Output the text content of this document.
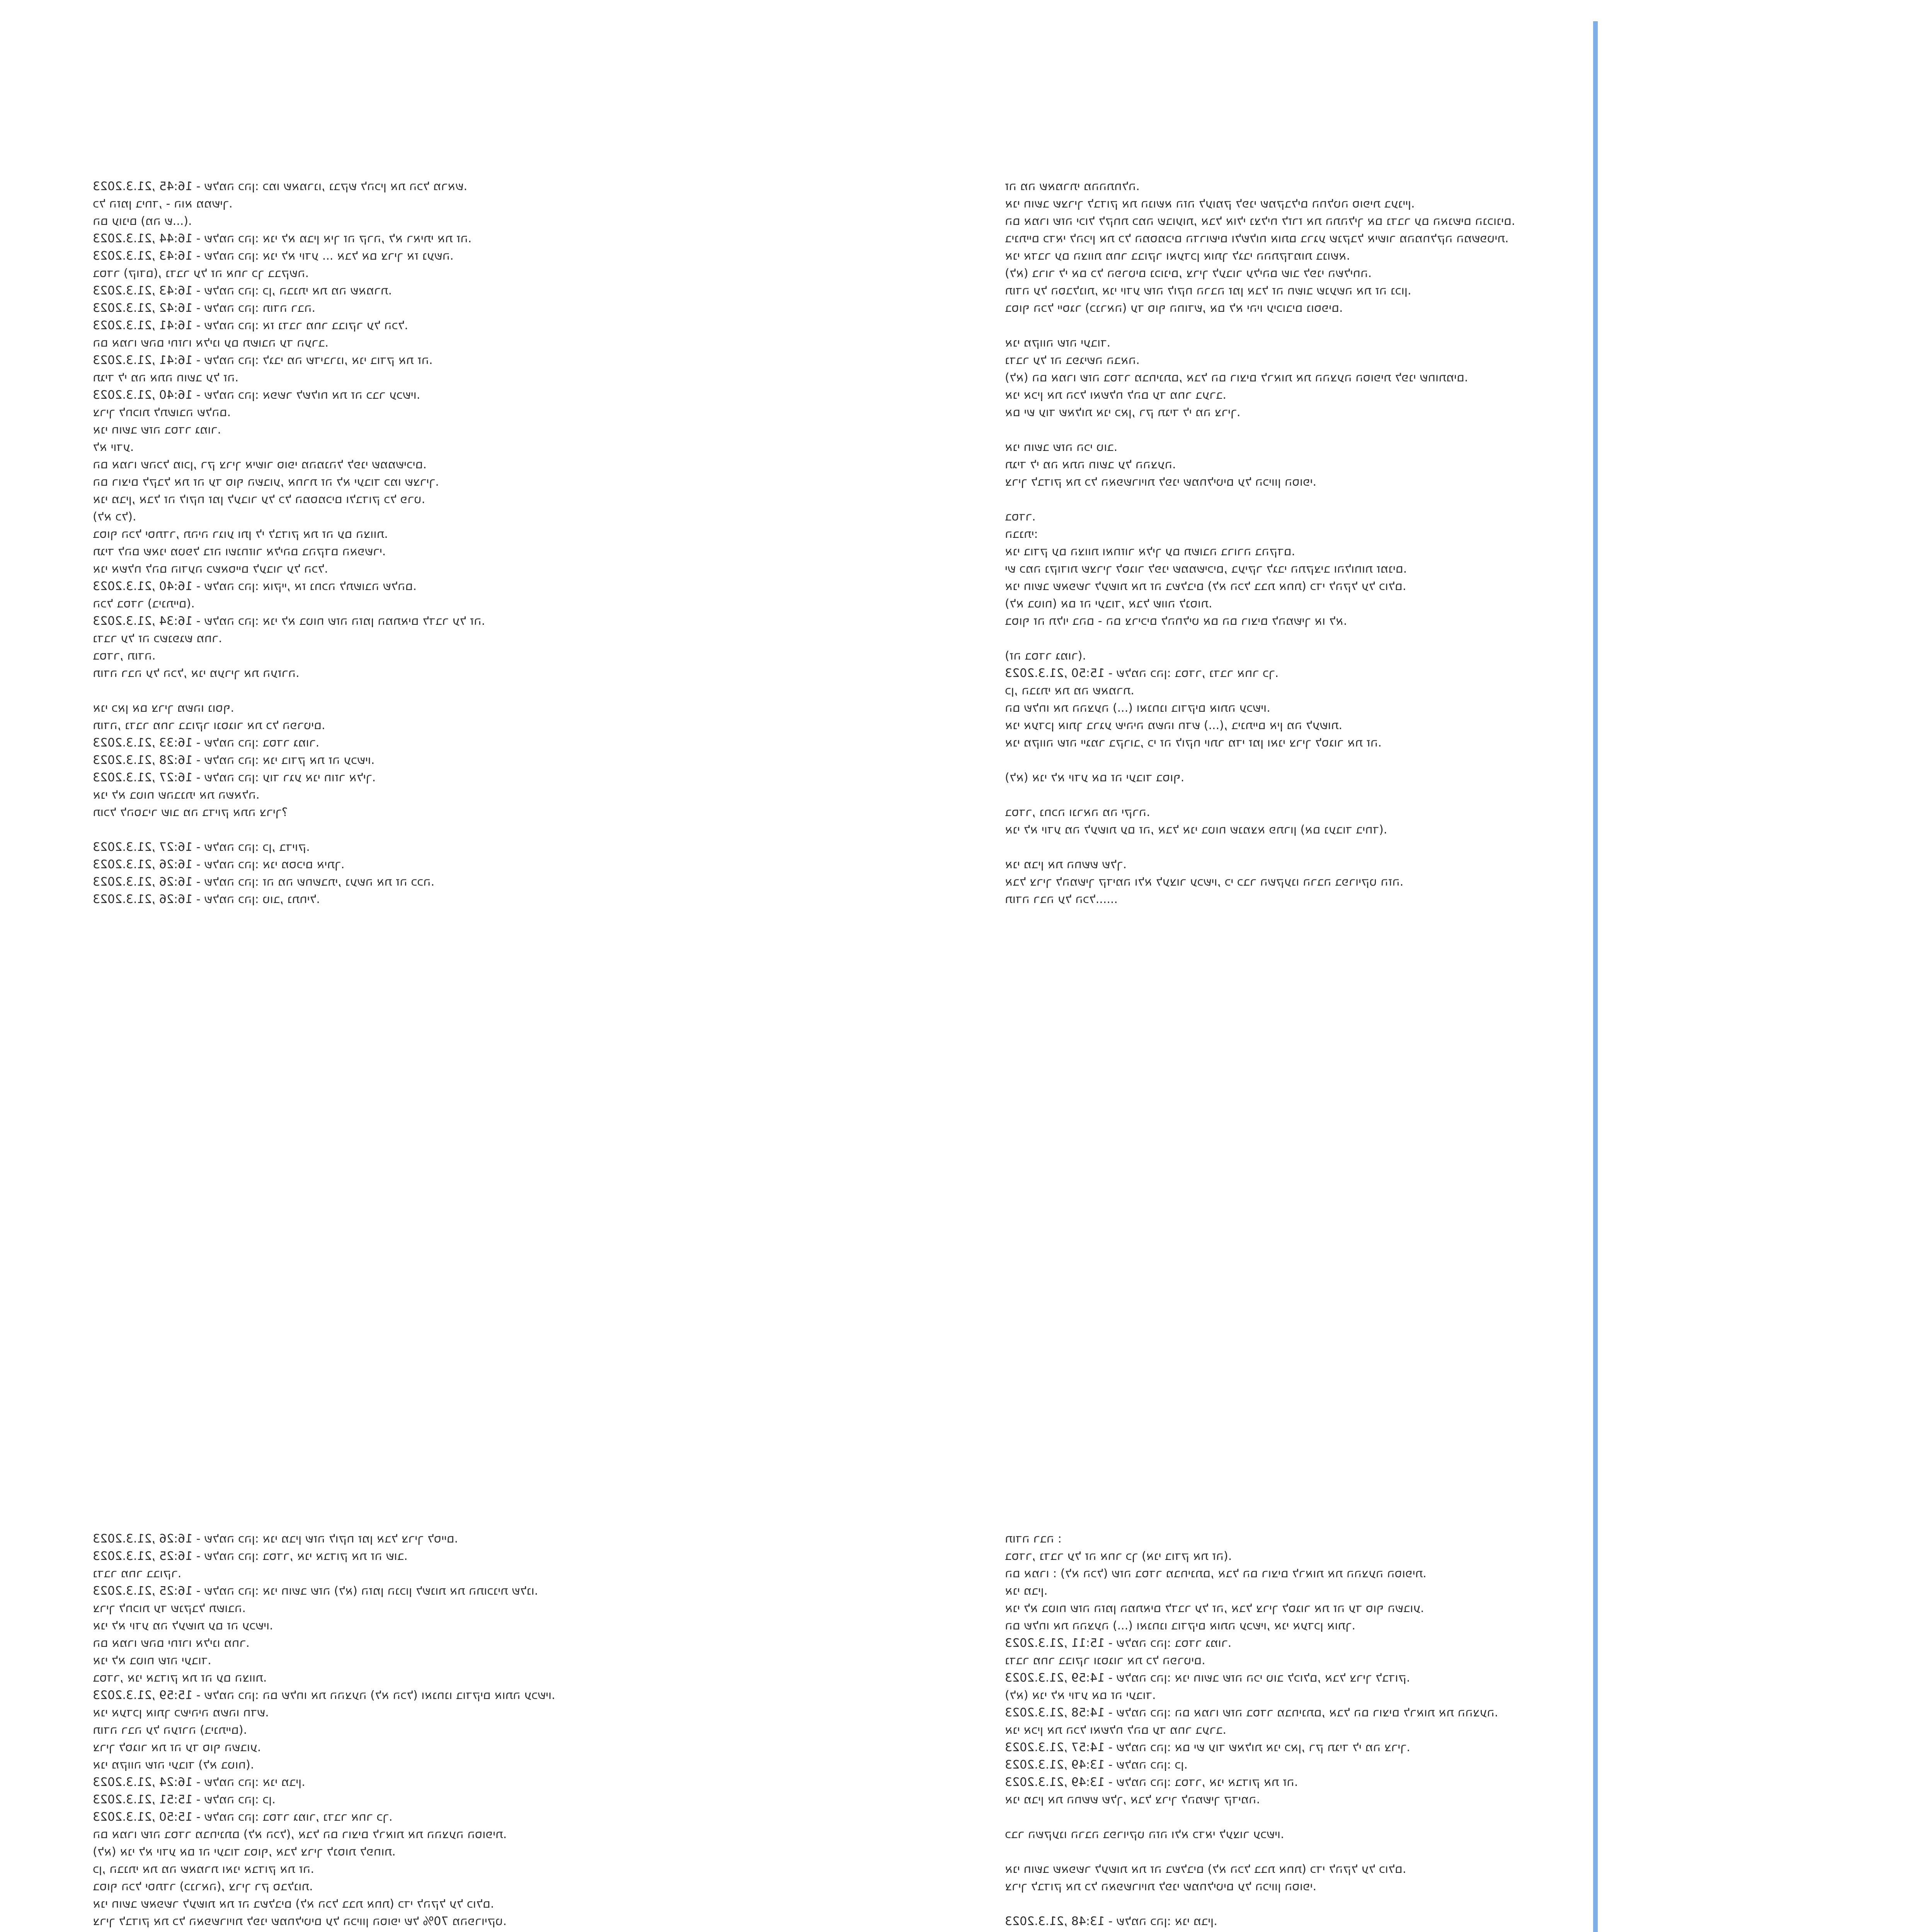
21.3.2023, 16:45 - שלמה כהן: כמו שאמרנו, נבקש להכין את הכל מראש.
כל הזמן ביחד, - הוא ממשיך.
הם עונים (מה ש...).
21.3.2023, 16:44 - שלמה כהן: אני לא מבין איך זה קרה, לא ראיתי את זה.
21.3.2023, 16:43 - שלמה כהן: אני לא יודע ... אבל אם צריך אז נעשה.
בסדר (קודם), נדבר על זה אחר כך בבקשה.
21.3.2023, 16:43 - שלמה כהן: כן, הבנתי את מה שאמרת.
21.3.2023, 16:42 - שלמה כהן: תודה רבה.
21.3.2023, 16:41 - שלמה כהן: אז נדבר מחר בבוקר על הכל.
הם אמרו שהם יחזרו אלינו עם תשובה עד הערב.
21.3.2023, 16:41 - שלמה כהן: לגבי מה שדיברנו, אני בודק את זה.
תגיד לי מה אתה חושב על זה.
21.3.2023, 16:40 - שלמה כהן: אפשר לשלוח את זה כבר עכשיו.
צריך לחכות לתשובה שלהם.
אני חושב שזה בסדר גמור.
לא יודע.
הם אמרו שהכל מוכן, רק צריך אישור סופי מהמנהל לפני שממשיכים.
הם רוצים לקבל את זה עד סוף השבוע, אחרת זה לא יעבוד כמו שצריך.
אני מבין, אבל זה לוקח זמן לעבור על כל המסמכים ולבדוק כל פרט.
(לא כל).
בסוף הכל יסתדר, תהיה רגוע ותן לי לבדוק את זה עם הצוות.
תגיד להם שאני מטפל בזה ושנחזור אליהם בהקדם האפשרי.
אני אשלח להם הודעה כשאסיים לעבור על הכל.
21.3.2023, 16:40 - שלמה כהן: אוקיי, אז נחכה לתשובה שלהם.
הכל בסדר (בינתיים).
21.3.2023, 16:34 - שלמה כהן: אני לא בטוח שזה הזמן המתאים לדבר על זה.
נדבר על זה כשנפגש מחר.
בסדר, תודה.
תודה רבה על הכל, אני מעריך את העזרה.
אני כאן אם צריך משהו נוסף.
תודה, נדבר מחר בבוקר ונסגור את כל הפרטים.
21.3.2023, 16:33 - שלמה כהן: בסדר גמור.
21.3.2023, 16:28 - שלמה כהן: אני בודק את זה עכשיו.
21.3.2023, 16:27 - שלמה כהן: עוד רגע אני חוזר אליך.
אני לא בטוח שהבנתי את השאלה.
תוכל להסביר שוב מה בדיוק אתה צריך?
21.3.2023, 16:27 - שלמה כהן: כן, בדיוק.
21.3.2023, 16:26 - שלמה כהן: אני מסכים איתך.
21.3.2023, 16:26 - שלמה כהן: זה מה שחשבתי, נעשה את זה ככה.
21.3.2023, 16:26 - שלמה כהן: טוב, נתחיל.
זה מה שאמרתי מההתחלה.
אני חושב שצריך לבדוק את הנושא הזה לעומק לפני שמקבלים החלטה סופית בעניין.
הם אמרו שזה יכול לקחת כמה שבועות, אבל אולי נצליח לזרז את התהליך אם נדבר עם האנשים הנכונים.
בינתיים כדאי להכין את כל המסמכים הדרושים ולשלוח אותם ברגע שנקבל אישור מהמחלקה המשפטית.
אני אדבר עם הצוות מחר בבוקר ואעדכן אותך לגבי ההתקדמות בנושא.
(לא) ברור לי אם כל הפרטים נכונים, צריך לעבור עליהם שוב לפני השליחה.
תודה על הסבלנות, אני יודע שזה לוקח הרבה זמן אבל זה חשוב שנעשה את זה נכון.
בסוף הכל ייסגר (כנראה) עד סוף החודש, אם לא יהיו עיכובים נוספים.
אני מקווה שזה יעבוד.
נדבר על זה בפגישה הבאה.
(לא) הם אמרו שזה בסדר מבחינתם, אבל הם רוצים לראות את ההצעה הסופית לפני שחותמים.
אני אכין את הכל ואשלח להם עד מחר בערב.
אם יש עוד שאלות אני כאן, רק תגיד לי מה צריך.
אני חושב שזה הכי טוב.
תגיד לי מה אתה חושב על ההצעה.
צריך לבדוק את כל האפשרויות לפני שמחליטים על הכיוון הסופי.
בסדר.
הבנתי:
אני בודק עם הצוות ואחזור אליך עם תשובה ברורה בהקדם.
יש כמה נקודות שצריך לסגור לפני שממשיכים, בעיקר לגבי התקציב והלוחות זמנים.
אני חושב שאפשר לעשות את זה בשלבים (לא הכל בבת אחת) כדי להקל על כולם.
(לא בטוח) אם זה יעבוד, אבל שווה לנסות.
בסוף זה תלוי בהם - הם צריכים להחליט אם הם רוצים להמשיך או לא.
(זה בסדר גמור).
21.3.2023, 15:50 - שלמה כהן: בסדר, נדבר אחר כך.
כן, הבנתי את מה שאמרת.
הם שלחו את ההצעה (...) ואנחנו בודקים אותה עכשיו.
אני אעדכן אותך ברגע שיהיה משהו חדש (...), בינתיים אין מה לעשות.
אני מקווה שזה ייגמר בקרוב, כי זה לוקח יותר מדי זמן ואני צריך לסגור את זה.
(לא) אני לא יודע אם זה יעבוד בסוף.
בסדר, נחכה ונראה מה יקרה.
אני לא יודע מה לעשות עם זה, אבל אני בטוח שנמצא פתרון (אם נעבוד ביחד).
אני מבין את החשש שלך.
אבל צריך להמשיך קדימה ולא לעצור עכשיו, כי כבר השקענו הרבה בפרויקט הזה.
תודה רבה על הכל......
21.3.2023, 16:26 - שלמה כהן: אני מבין שזה לוקח זמן אבל צריך לסיים.
21.3.2023, 16:25 - שלמה כהן: בסדר, אני אבדוק את זה שוב.
נדבר מחר בבוקר.
21.3.2023, 16:25 - שלמה כהן: אני חושב שזה (לא) הזמן הנכון לשנות את התוכנית שלנו.
צריך לחכות עד שנקבל תשובה.
אני לא יודע מה לעשות עם זה עכשיו.
הם אמרו שהם יחזרו אלינו מחר.
אני לא בטוח שזה יעבוד.
בסדר, אני אבדוק את זה עם הצוות.
21.3.2023, 15:59 - שלמה כהן: הם שלחו את ההצעה (לא הכל) ואנחנו בודקים אותה עכשיו.
אני אעדכן אותך כשיהיה משהו חדש.
תודה רבה על העזרה (בינתיים).
צריך לסגור את זה עד סוף השבוע.
אני מקווה שזה יעבוד (לא בטוח).
21.3.2023, 16:24 - שלמה כהן: אני מבין.
21.3.2023, 15:51 - שלמה כהן: כן.
21.3.2023, 15:50 - שלמה כהן: בסדר גמור, נדבר אחר כך.
הם אמרו שזה בסדר מבחינתם (לא הכל), אבל הם רוצים לראות את ההצעה הסופית.
(לא) אני לא יודע אם זה יעבוד בסוף, אבל צריך לנסות לפחות.
כן, הבנתי את מה שאמרת ואני אבדוק את זה.
בסוף הכל יסתדר (כנראה), צריך רק סבלנות.
אני חושב שאפשר לעשות את זה בשלבים (לא הכל בבת אחת) כדי להקל על כולם.
צריך לבדוק את כל האפשרויות לפני שמחליטים על הכיוון הסופי של 70% מהפרויקט.
תודה רבה :
בסדר, נדבר על זה אחר כך (אני בודק את זה).
הם אמרו : (לא הכל) שזה בסדר מבחינתם, אבל הם רוצים לראות את ההצעה הסופית.
אני מבין.
אני לא בטוח שזה הזמן המתאים לדבר על זה, אבל צריך לסגור את זה עד סוף השבוע.
הם שלחו את ההצעה (...) ואנחנו בודקים אותה עכשיו, אני אעדכן אותך.
21.3.2023, 15:11 - שלמה כהן: בסדר גמור.
נדבר מחר בבוקר ונסגור את כל הפרטים.
21.3.2023, 14:59 - שלמה כהן: אני חושב שזה הכי טוב לכולם, אבל צריך לבדוק.
(לא) אני לא יודע אם זה יעבוד.
21.3.2023, 14:58 - שלמה כהן: הם אמרו שזה בסדר מבחינתם, אבל הם רוצים לראות את ההצעה.
אני אכין את הכל ואשלח להם עד מחר בערב.
21.3.2023, 14:57 - שלמה כהן: אם יש עוד שאלות אני כאן, רק תגיד לי מה צריך.
21.3.2023, 13:49 - שלמה כהן: כן.
21.3.2023, 13:49 - שלמה כהן: בסדר, אני אבדוק את זה.
אני מבין את החשש שלך, אבל צריך להמשיך קדימה.
כבר השקענו הרבה בפרויקט הזה ולא כדאי לעצור עכשיו.
אני חושב שאפשר לעשות את זה בשלבים (לא הכל בבת אחת) כדי להקל על כולם.
צריך לבדוק את כל האפשרויות לפני שמחליטים על הכיוון הסופי.
21.3.2023, 13:48 - שלמה כהן: אני מבין.
